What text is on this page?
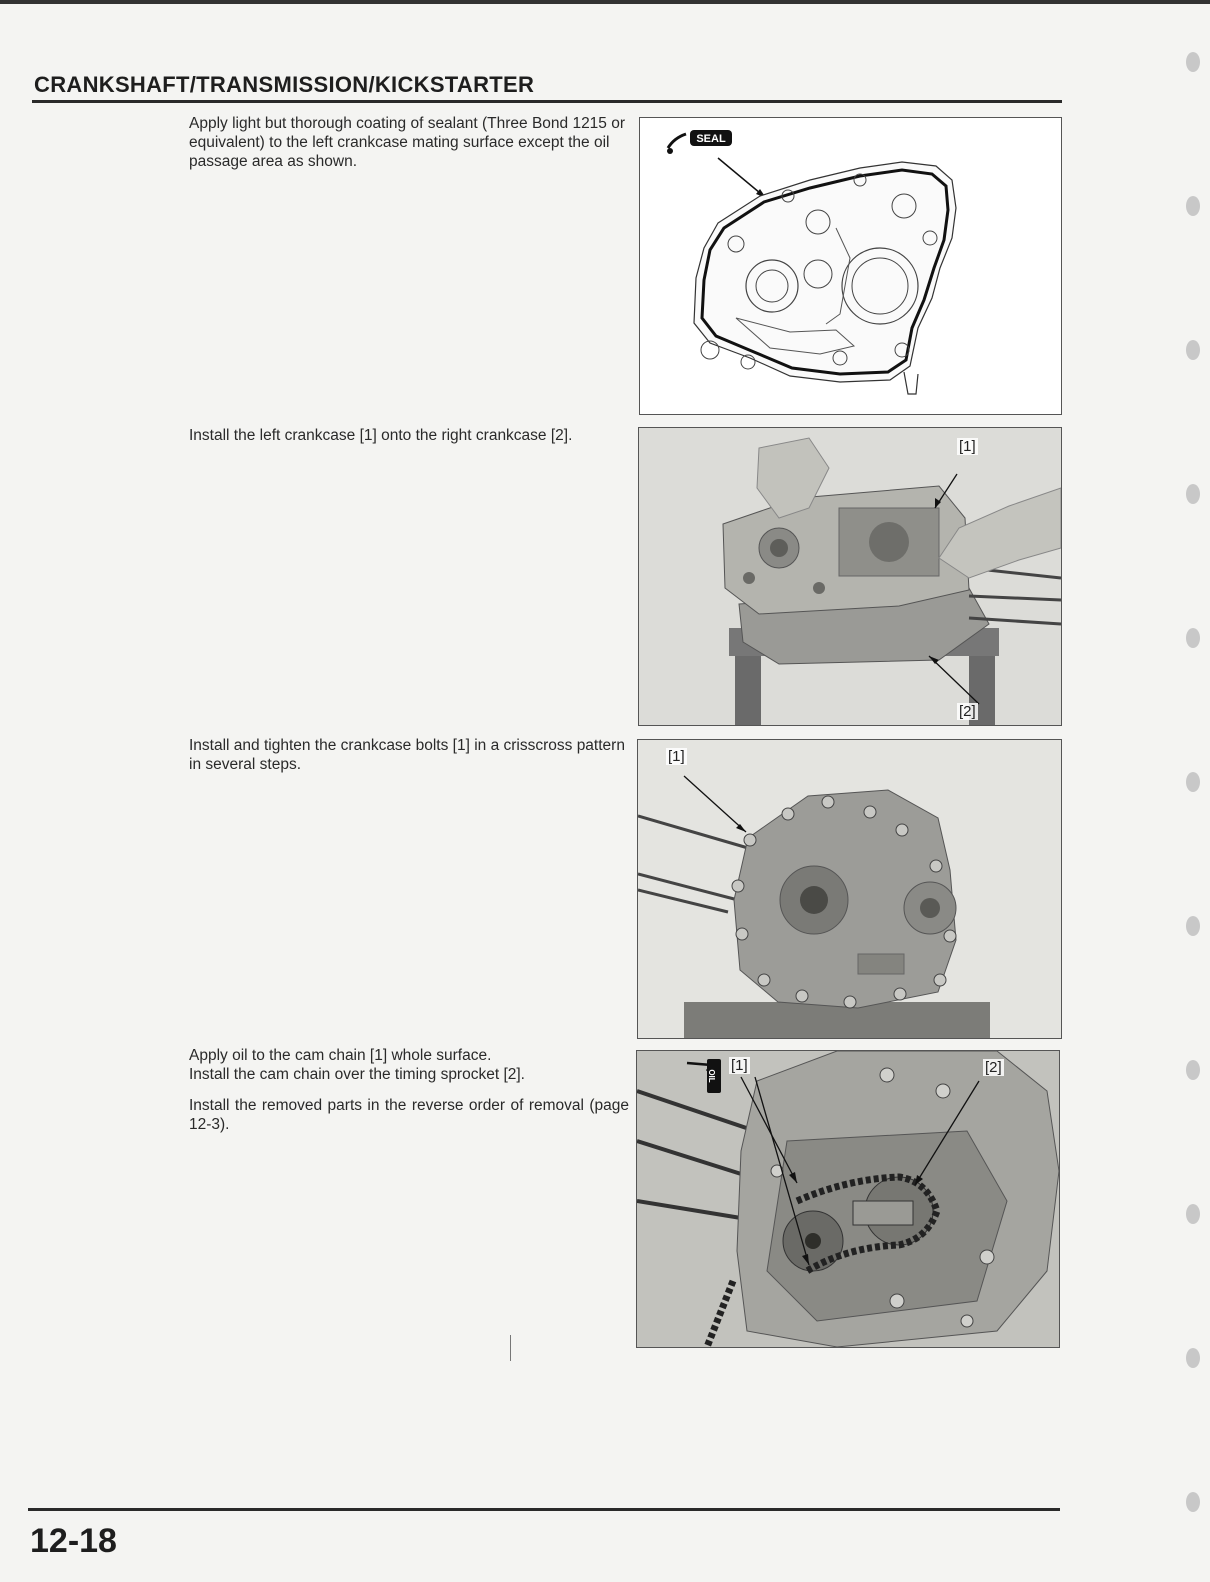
CRANKSHAFT/TRANSMISSION/KICKSTARTER
Apply light but thorough coating of sealant (Three Bond 1215 or equivalent) to the left crankcase mating surface except the oil passage area as shown.
Install the left crankcase [1] onto the right crankcase [2].
Install and tighten the crankcase bolts [1] in a crisscross pattern in several steps.
Apply oil to the cam chain [1] whole surface.
Install the cam chain over the timing sprocket [2].
Install the removed parts in the reverse order of removal (page 12-3).
SEAL
[1]
[2]
[1]
OIL
[1]	[2]
12-18
